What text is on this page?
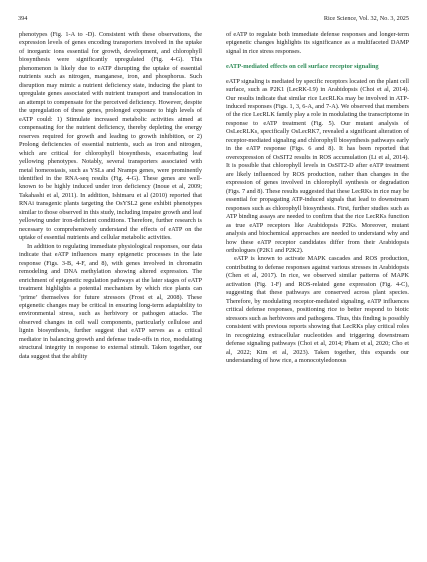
394	Rice Science, Vol. 32, No. 3, 2025

phenotypes (Fig. 1-A to -D). Consistent with these observations, the expression levels of genes encoding transporters involved in the uptake of inorganic ions essential for growth, development, and chlorophyll biosynthesis were significantly upregulated (Fig. 4-G). This phenomenon is likely due to eATP disrupting the uptake of essential nutrients such as nitrogen, manganese, iron, and phosphorus. Such disruption may mimic a nutrient deficiency state, inducing the plant to upregulate genes associated with nutrient transport and translocation in an attempt to compensate for the perceived deficiency. However, despite the upregulation of these genes, prolonged exposure to high levels of eATP could: 1) Stimulate increased metabolic activities aimed at compensating for the nutrient deficiency, thereby depleting the energy reserves required for growth and leading to growth inhibition, or 2) Prolong deficiencies of essential nutrients, such as iron and nitrogen, which are critical for chlorophyll biosynthesis, exacerbating leaf yellowing phenotypes. Notably, several transporters associated with metal homeostasis, such as YSLs and Nramps genes, were prominently identified in the RNA-seq results (Fig. 4-G). These genes are well-known to be highly induced under iron deficiency (Inoue et al, 2009; Takahashi et al, 2011). In addition, Ishimaru et al (2010) reported that RNAi transgenic plants targeting the OsYSL2 gene exhibit phenotypes similar to those observed in this study, including impaire growth and leaf yellowing under iron-deficient conditions. Therefore, further research is necessary to comprehensively understand the effects of eATP on the uptake of essential nutrients and cellular metabolic activities.

In addition to regulating immediate physiological responses, our data indicate that eATP influences many epigenetic processes in the late response (Figs. 3-B, 4-F, and 8), with genes involved in chromatin remodeling and DNA methylation showing altered expression. The enrichment of epigenetic regulation pathways at the later stages of eATP treatment highlights a potential mechanism by which rice plants can ‘prime’ themselves for future stressors (Frost et al, 2008). These epigenetic changes may be critical in ensuring long-term adaptability to environmental stress, such as herbivory or pathogen attacks. The observed changes in cell wall components, particularly cellulose and lignin biosynthesis, further suggest that eATP serves as a critical mediator in balancing growth and defense trade-offs in rice, modulating structural integrity in response to external stimuli. Taken together, our data suggest that the ability

of eATP to regulate both immediate defense responses and longer-term epigenetic changes highlights its significance as a multifaceted DAMP signal in rice stress responses.

eATP-mediated effects on cell surface receptor signaling

eATP signaling is mediated by specific receptors located on the plant cell surface, such as P2K1 (LecRK-I.9) in Arabidopsis (Choi et al, 2014). Our results indicate that similar rice LecRLKs may be involved in ATP-induced responses (Figs. 1, 3, 6-A, and 7-A). We observed that members of the rice LecRLK family play a role in modulating the transcriptome in response to eATP treatment (Fig. 5). Our mutant analysis of OsLecRLKs, specifically OsLecRK7, revealed a significant alteration of receptor-mediated signaling and chlorophyll biosynthesis pathways early in the eATP response (Figs. 6 and 8). It has been reported that overexpression of OsSIT2 results in ROS accumulation (Li et al, 2014). It is possible that chlorophyll levels in OsSIT2-D after eATP treatment are likely influenced by ROS production, rather than changes in the expression of genes involved in chlorophyll synthesis or degradation (Figs. 7 and 8). These results suggested that these LecRKs in rice may be essential for propagating ATP-induced signals that lead to downstream responses such as chlorophyll biosynthesis. First, further studies such as ATP binding assays are needed to confirm that the rice LecRKs function as true eATP receptors like Arabidopsis P2Ks. Moreover, mutant analysis and biochemical approaches are needed to understand why and how these eATP receptor candidates differ from their Arabidopsis orthologues (P2K1 and P2K2).

eATP is known to activate MAPK cascades and ROS production, contributing to defense responses against various stresses in Arabidopsis (Chen et al, 2017). In rice, we observed similar patterns of MAPK activation (Fig. 1-F) and ROS-related gene expression (Fig. 4-C), suggesting that these pathways are conserved across plant species. Therefore, by modulating receptor-mediated signaling, eATP influences critical defense responses, positioning rice to better respond to biotic stressors such as herbivores and pathogens. Thus, this finding is possibly consistent with previous reports showing that LecRKs play critical roles in recognizing extracellular nucleotides and triggering downstream defense signaling pathways (Choi et al, 2014; Pham et al, 2020; Cho et al, 2022; Kim et al, 2023). Taken together, this expands our understanding of how rice, a monocotyledonous
